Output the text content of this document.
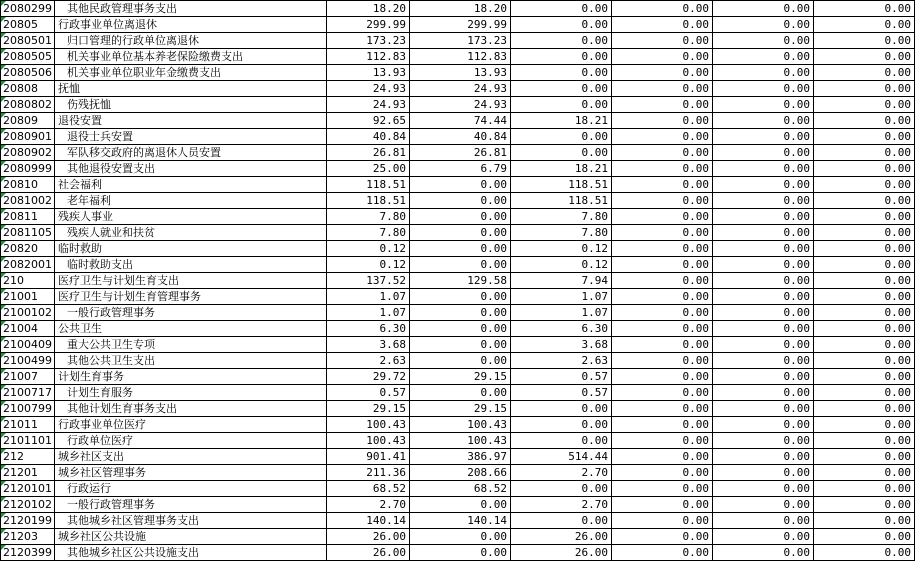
2080299	其他民政管理事务支出	18.20	18.20	0.00	0.00	0.00	0.00

20805	行政事业单位离退休	299.99	299.99	0.00	0.00	0.00	0.00

2080501	归口管理的行政单位离退休	173.23	173.23	0.00	0.00	0.00	0.00

2080505	机关事业单位基本养老保险缴费支出	112.83	112.83	0.00	0.00	0.00	0.00

2080506	机关事业单位职业年金缴费支出	13.93	13.93	0.00	0.00	0.00	0.00

20808	抚恤	24.93	24.93	0.00	0.00	0.00	0.00

2080802	伤残抚恤	24.93	24.93	0.00	0.00	0.00	0.00

20809	退役安置	92.65	74.44	18.21	0.00	0.00	0.00

2080901	退役士兵安置	40.84	40.84	0.00	0.00	0.00	0.00

2080902	军队移交政府的离退休人员安置	26.81	26.81	0.00	0.00	0.00	0.00

2080999	其他退役安置支出	25.00	6.79	18.21	0.00	0.00	0.00

20810	社会福利	118.51	0.00	118.51	0.00	0.00	0.00

2081002	老年福利	118.51	0.00	118.51	0.00	0.00	0.00

20811	残疾人事业	7.80	0.00	7.80	0.00	0.00	0.00

2081105	残疾人就业和扶贫	7.80	0.00	7.80	0.00	0.00	0.00

20820	临时救助	0.12	0.00	0.12	0.00	0.00	0.00

2082001	临时救助支出	0.12	0.00	0.12	0.00	0.00	0.00

210	医疗卫生与计划生育支出	137.52	129.58	7.94	0.00	0.00	0.00

21001	医疗卫生与计划生育管理事务	1.07	0.00	1.07	0.00	0.00	0.00

2100102	一般行政管理事务	1.07	0.00	1.07	0.00	0.00	0.00

21004	公共卫生	6.30	0.00	6.30	0.00	0.00	0.00

2100409	重大公共卫生专项	3.68	0.00	3.68	0.00	0.00	0.00

2100499	其他公共卫生支出	2.63	0.00	2.63	0.00	0.00	0.00

21007	计划生育事务	29.72	29.15	0.57	0.00	0.00	0.00

2100717	计划生育服务	0.57	0.00	0.57	0.00	0.00	0.00

2100799	其他计划生育事务支出	29.15	29.15	0.00	0.00	0.00	0.00

21011	行政事业单位医疗	100.43	100.43	0.00	0.00	0.00	0.00

2101101	行政单位医疗	100.43	100.43	0.00	0.00	0.00	0.00

212	城乡社区支出	901.41	386.97	514.44	0.00	0.00	0.00

21201	城乡社区管理事务	211.36	208.66	2.70	0.00	0.00	0.00

2120101	行政运行	68.52	68.52	0.00	0.00	0.00	0.00

2120102	一般行政管理事务	2.70	0.00	2.70	0.00	0.00	0.00

2120199	其他城乡社区管理事务支出	140.14	140.14	0.00	0.00	0.00	0.00

21203	城乡社区公共设施	26.00	0.00	26.00	0.00	0.00	0.00

2120399	其他城乡社区公共设施支出	26.00	0.00	26.00	0.00	0.00	0.00
